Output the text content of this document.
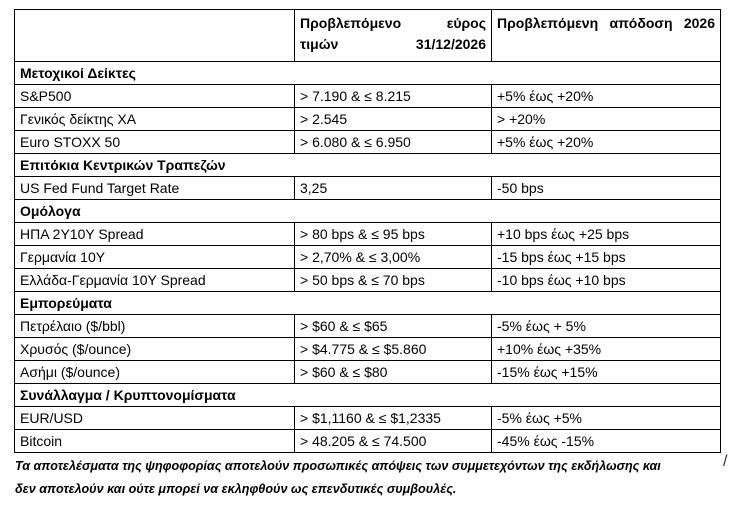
	Προβλεπόμενο εύρος τιμών 31/12/2026	Προβλεπόμενη απόδοση 2026
Μετοχικοί Δείκτες		
S&P500	> 7.190 & ≤ 8.215	+5% έως +20%
Γενικός δείκτης ΧΑ	> 2.545	> +20%
Euro STOXX 50	> 6.080 & ≤ 6.950	+5% έως +20%
Επιτόκια Κεντρικών Τραπεζών		
US Fed Fund Target Rate	3,25	-50 bps
Ομόλογα		
ΗΠΑ 2Y10Y Spread	> 80 bps & ≤ 95 bps	+10 bps έως +25 bps
Γερμανία 10Y	> 2,70% & ≤ 3,00%	-15 bps έως +15 bps
Ελλάδα-Γερμανία 10Y Spread	> 50 bps & ≤ 70 bps	-10 bps έως +10 bps
Εμπορεύματα		
Πετρέλαιο ($/bbl)	> $60 & ≤ $65	-5% έως + 5%
Χρυσός ($/ounce)	> $4.775 & ≤ $5.860	+10% έως +35%
Ασήμι ($/ounce)	> $60 & ≤ $80	-15% έως +15%
Συνάλλαγμα / Κρυπτονομίσματα		
EUR/USD	> $1,1160 & ≤ $1,2335	-5% έως +5%
Bitcoin	> 48.205 & ≤ 74.500	-45% έως -15%
Τα αποτελέσματα της ψηφοφορίας αποτελούν προσωπικές απόψεις των συμμετεχόντων της εκδήλωσης και
δεν αποτελούν και ούτε μπορεί να εκληφθούν ως επενδυτικές συμβουλές.
/
